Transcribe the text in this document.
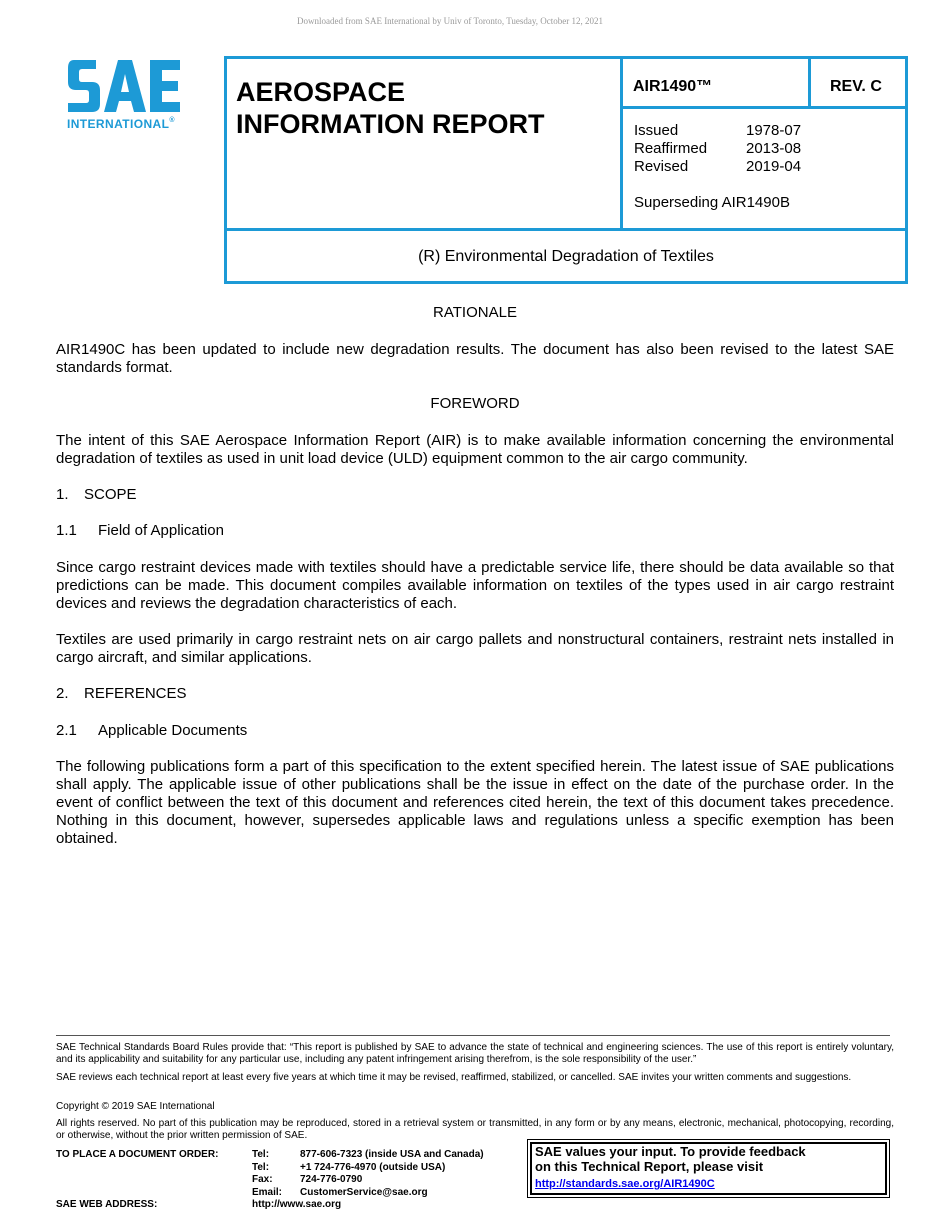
Downloaded from SAE International by Univ of Toronto, Tuesday, October 12, 2021
INTERNATIONAL®
AEROSPACE
INFORMATION REPORT
AIR1490™	REV. C
Issued	1978-07
Reaffirmed	2013-08
Revised	2019-04
Superseding AIR1490B
(R) Environmental Degradation of Textiles
RATIONALE
AIR1490C has been updated to include new degradation results. The document has also been revised to the latest SAE standards format.
FOREWORD
The intent of this SAE Aerospace Information Report (AIR) is to make available information concerning the environmental degradation of textiles as used in unit load device (ULD) equipment common to the air cargo community.
1. SCOPE
1.1 Field of Application
Since cargo restraint devices made with textiles should have a predictable service life, there should be data available so that predictions can be made. This document compiles available information on textiles of the types used in air cargo restraint devices and reviews the degradation characteristics of each.
Textiles are used primarily in cargo restraint nets on air cargo pallets and nonstructural containers, restraint nets installed in cargo aircraft, and similar applications.
2. REFERENCES
2.1 Applicable Documents
The following publications form a part of this specification to the extent specified herein. The latest issue of SAE publications shall apply. The applicable issue of other publications shall be the issue in effect on the date of the purchase order. In the event of conflict between the text of this document and references cited herein, the text of this document takes precedence. Nothing in this document, however, supersedes applicable laws and regulations unless a specific exemption has been obtained.
SAE Technical Standards Board Rules provide that: “This report is published by SAE to advance the state of technical and engineering sciences. The use of this report is entirely voluntary, and its applicability and suitability for any particular use, including any patent infringement arising therefrom, is the sole responsibility of the user.”
SAE reviews each technical report at least every five years at which time it may be revised, reaffirmed, stabilized, or cancelled. SAE invites your written comments and suggestions.
Copyright © 2019 SAE International
All rights reserved. No part of this publication may be reproduced, stored in a retrieval system or transmitted, in any form or by any means, electronic, mechanical, photocopying, recording, or otherwise, without the prior written permission of SAE.
TO PLACE A DOCUMENT ORDER:	Tel:	877-606-7323 (inside USA and Canada)
Tel:	+1 724-776-4970 (outside USA)
Fax:	724-776-0790
Email: CustomerService@sae.org
SAE WEB ADDRESS:	http://www.sae.org
SAE values your input. To provide feedback
on this Technical Report, please visit
http://standards.sae.org/AIR1490C
